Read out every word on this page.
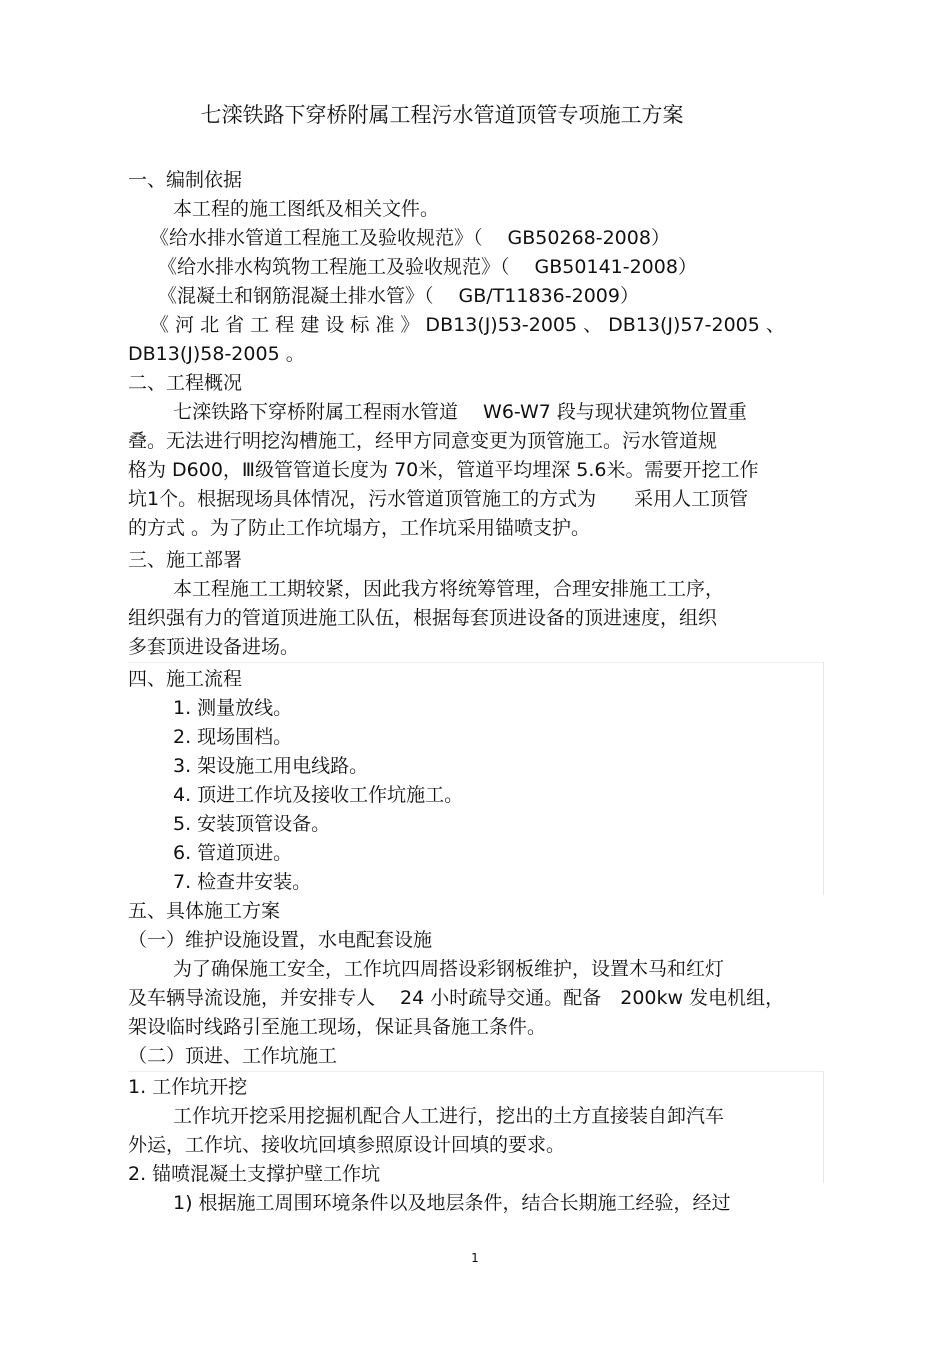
七滦铁路下穿桥附属工程污水管道顶管专项施工方案
一、编制依据
本工程的施工图纸及相关文件。
《给水排水管道工程施工及验收规范》（　 GB50268-2008）
《给水排水构筑物工程施工及验收规范》（　 GB50141-2008）
《混凝土和钢筋混凝土排水管》（　 GB/T11836-2009）
《 河 北 省 工 程 建 设 标 准 》 DB13(J)53-2005 、 DB13(J)57-2005 、
DB13(J)58-2005 。
二、工程概况
七滦铁路下穿桥附属工程雨水管道　 W6-W7 段与现状建筑物位置重
叠。无法进行明挖沟槽施工，经甲方同意变更为顶管施工。污水管道规
格为 D600，Ⅲ级管管道长度为 70米，管道平均埋深 5.6米。需要开挖工作
坑1个。根据现场具体情况，污水管道顶管施工的方式为　　采用人工顶管
的方式 。为了防止工作坑塌方，工作坑采用锚喷支护。
三、施工部署
本工程施工工期较紧，因此我方将统筹管理，合理安排施工工序，
组织强有力的管道顶进施工队伍，根据每套顶进设备的顶进速度，组织
多套顶进设备进场。
四、施工流程
1. 测量放线。
2. 现场围档。
3. 架设施工用电线路。
4. 顶进工作坑及接收工作坑施工。
5. 安装顶管设备。
6. 管道顶进。
7. 检查井安装。
五、具体施工方案
（一）维护设施设置，水电配套设施
为了确保施工安全，工作坑四周搭设彩钢板维护，设置木马和红灯
及车辆导流设施，并安排专人　 24 小时疏导交通。配备　200kw 发电机组，
架设临时线路引至施工现场，保证具备施工条件。
（二）顶进、工作坑施工
1. 工作坑开挖
工作坑开挖采用挖掘机配合人工进行，挖出的土方直接装自卸汽车
外运，工作坑、接收坑回填参照原设计回填的要求。
2. 锚喷混凝土支撑护壁工作坑
1) 根据施工周围环境条件以及地层条件，结合长期施工经验，经过
1
